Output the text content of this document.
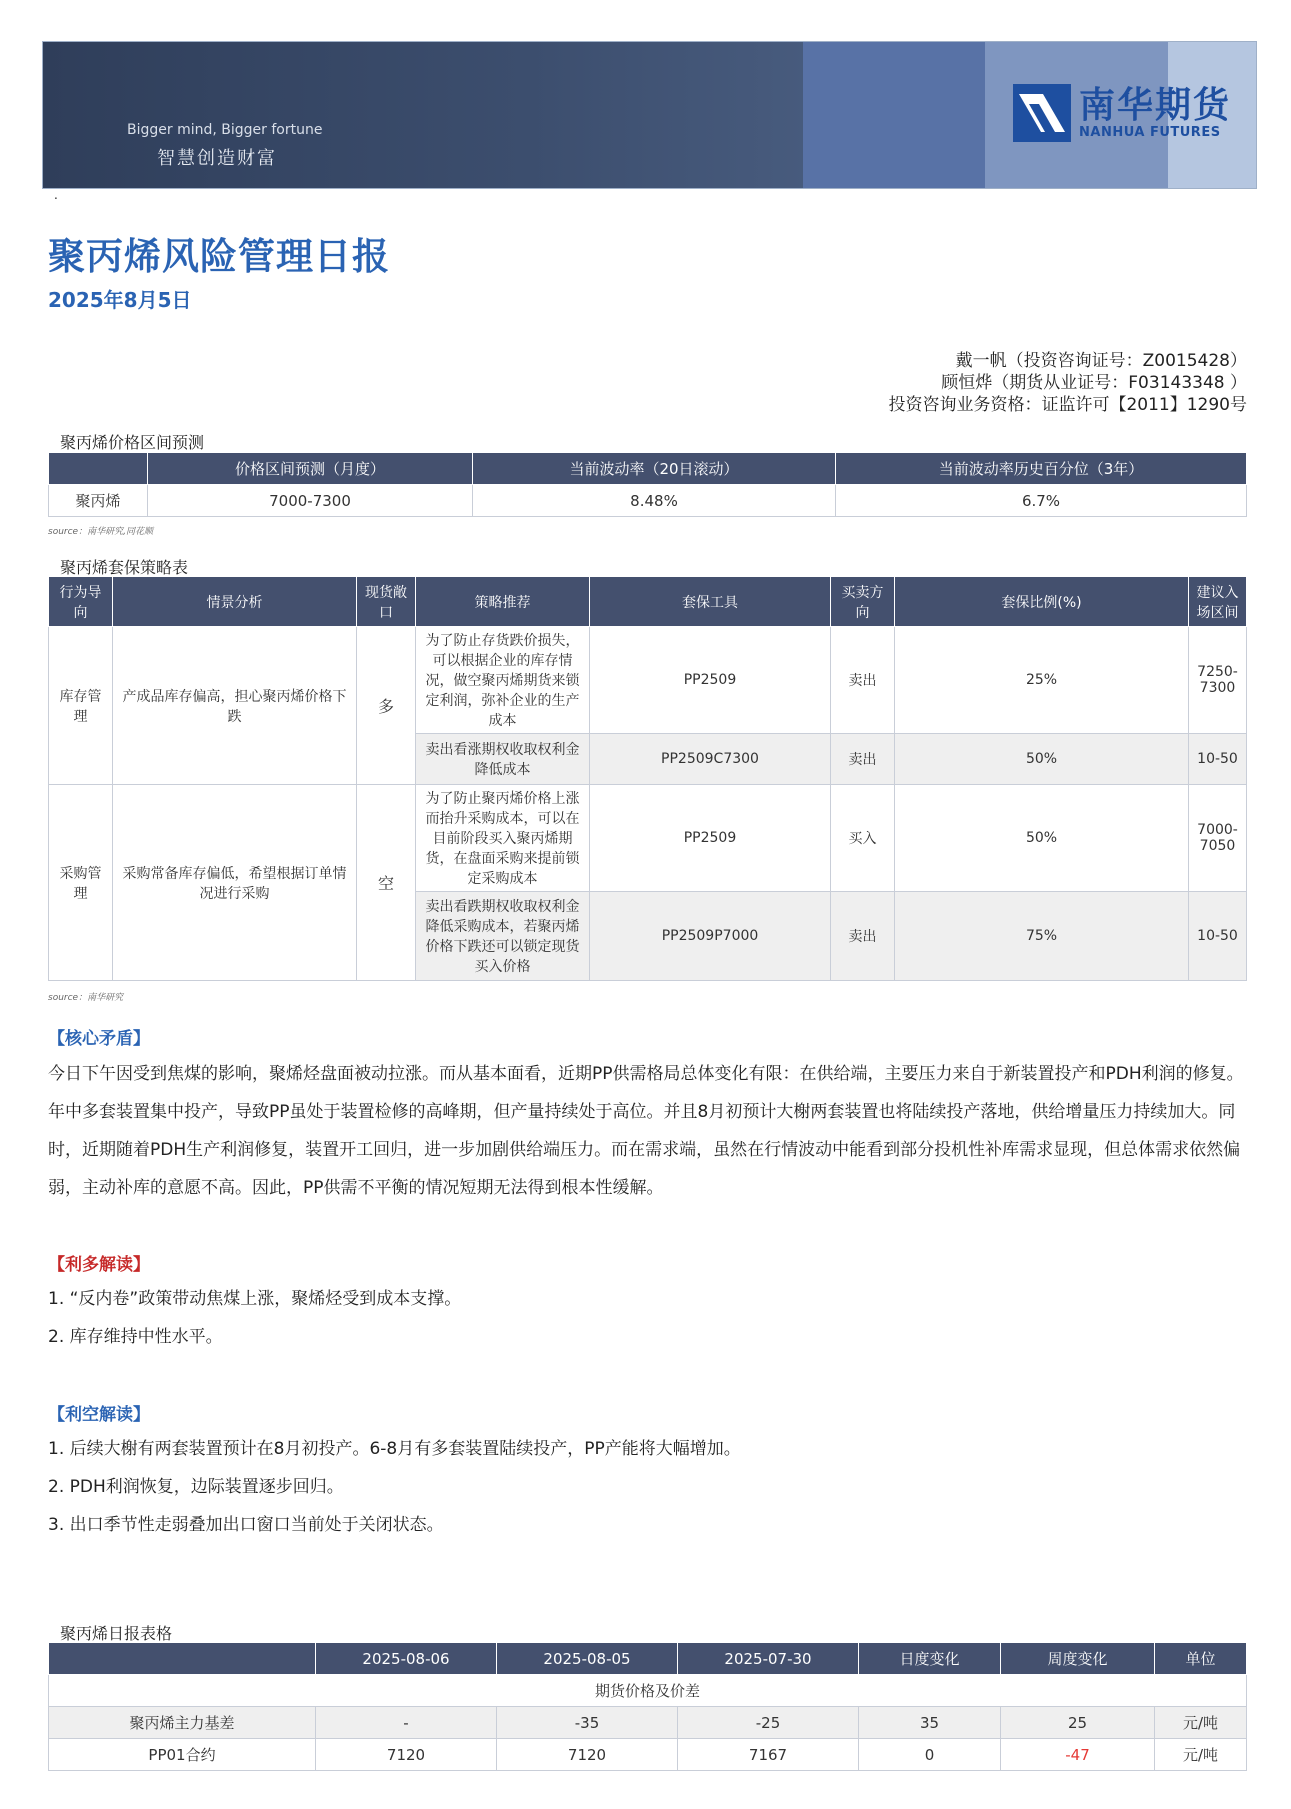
Bigger mind, Bigger fortune
智慧创造财富
南华期货
NANHUA FUTURES
.
聚丙烯风险管理日报
2025年8月5日
戴一帆（投资咨询证号：Z0015428）
顾恒烨（期货从业证号：F03143348 ）
投资咨询业务资格：证监许可【2011】1290号
聚丙烯价格区间预测
	价格区间预测（月度）	当前波动率（20日滚动）	当前波动率历史百分位（3年）
聚丙烯	7000-7300	8.48%	6.7%
source：南华研究,同花顺
聚丙烯套保策略表
行为导向	情景分析	现货敞口	策略推荐	套保工具	买卖方向	套保比例(%)	建议入场区间
库存管理	产成品库存偏高，担心聚丙烯价格下跌	多	为了防止存货跌价损失，可以根据企业的库存情况，做空聚丙烯期货来锁定利润，弥补企业的生产成本	PP2509	卖出	25%	7250-7300
			卖出看涨期权收取权利金降低成本	PP2509C7300	卖出	50%	10-50
采购管理	采购常备库存偏低，希望根据订单情况进行采购	空	为了防止聚丙烯价格上涨而抬升采购成本，可以在目前阶段买入聚丙烯期货，在盘面采购来提前锁定采购成本	PP2509	买入	50%	7000-7050
			卖出看跌期权收取权利金降低采购成本，若聚丙烯价格下跌还可以锁定现货买入价格	PP2509P7000	卖出	75%	10-50
source：南华研究
【核心矛盾】
今日下午因受到焦煤的影响，聚烯烃盘面被动拉涨。而从基本面看，近期PP供需格局总体变化有限：在供给端，主要压力来自于新装置投产和PDH利润的修复。年中多套装置集中投产，导致PP虽处于装置检修的高峰期，但产量持续处于高位。并且8月初预计大榭两套装置也将陆续投产落地，供给增量压力持续加大。同时，近期随着PDH生产利润修复，装置开工回归，进一步加剧供给端压力。而在需求端，虽然在行情波动中能看到部分投机性补库需求显现，但总体需求依然偏弱，主动补库的意愿不高。因此，PP供需不平衡的情况短期无法得到根本性缓解。
【利多解读】
1. “反内卷”政策带动焦煤上涨，聚烯烃受到成本支撑。
2. 库存维持中性水平。
【利空解读】
1. 后续大榭有两套装置预计在8月初投产。6-8月有多套装置陆续投产，PP产能将大幅增加。
2. PDH利润恢复，边际装置逐步回归。
3. 出口季节性走弱叠加出口窗口当前处于关闭状态。
聚丙烯日报表格
	2025-08-06	2025-08-05	2025-07-30	日度变化	周度变化	单位
期货价格及价差						
聚丙烯主力基差	-	-35	-25	35	25	元/吨
PP01合约	7120	7120	7167	0	-47	元/吨
